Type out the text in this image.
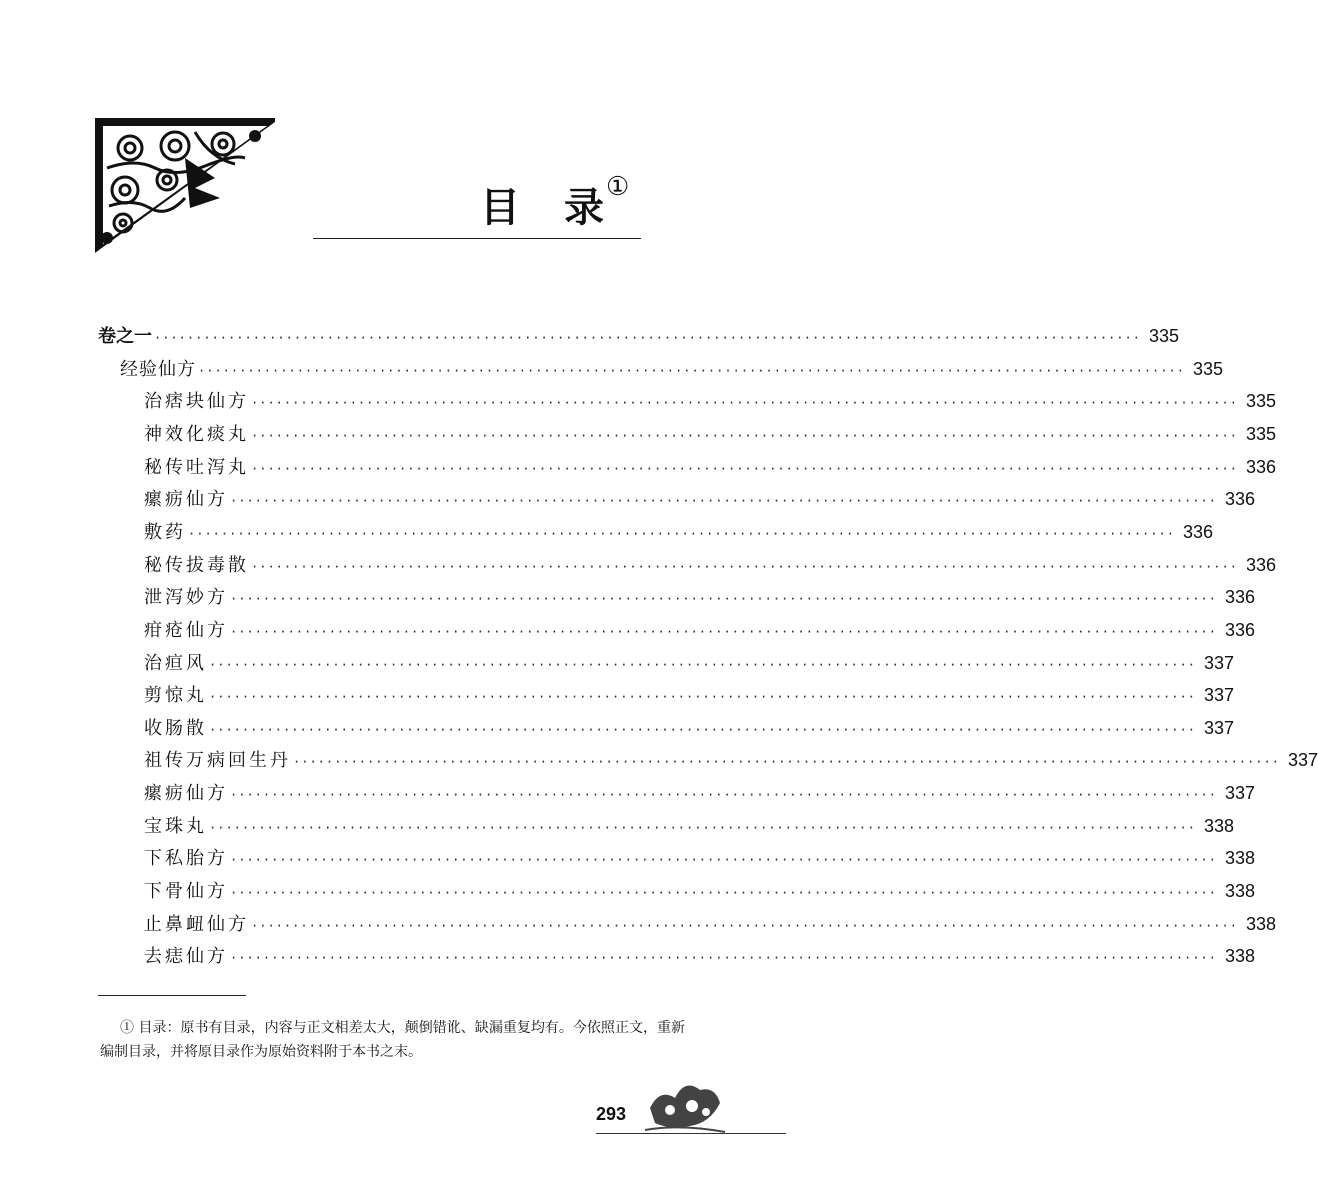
目 录 ①
卷之一 ························································································································ 335
经验仙方 ························································································································ 335
治痞块仙方 ························································································································ 335
神效化痰丸 ························································································································ 335
秘传吐泻丸 ························································································································ 336
瘰疬仙方 ························································································································ 336
敷药 ························································································································ 336
秘传拔毒散 ························································································································ 336
泄泻妙方 ························································································································ 336
疳疮仙方 ························································································································ 336
治疸风 ························································································································ 337
剪惊丸 ························································································································ 337
收肠散 ························································································································ 337
祖传万病回生丹 ························································································································ 337
瘰疬仙方 ························································································································ 337
宝珠丸 ························································································································ 338
下私胎方 ························································································································ 338
下骨仙方 ························································································································ 338
止鼻衄仙方 ························································································································ 338
去痣仙方 ························································································································ 338
① 目录：原书有目录，内容与正文相差太大，颠倒错讹、缺漏重复均有。今依照正文，重新编制目录，并将原目录作为原始资料附于本书之末。
293
